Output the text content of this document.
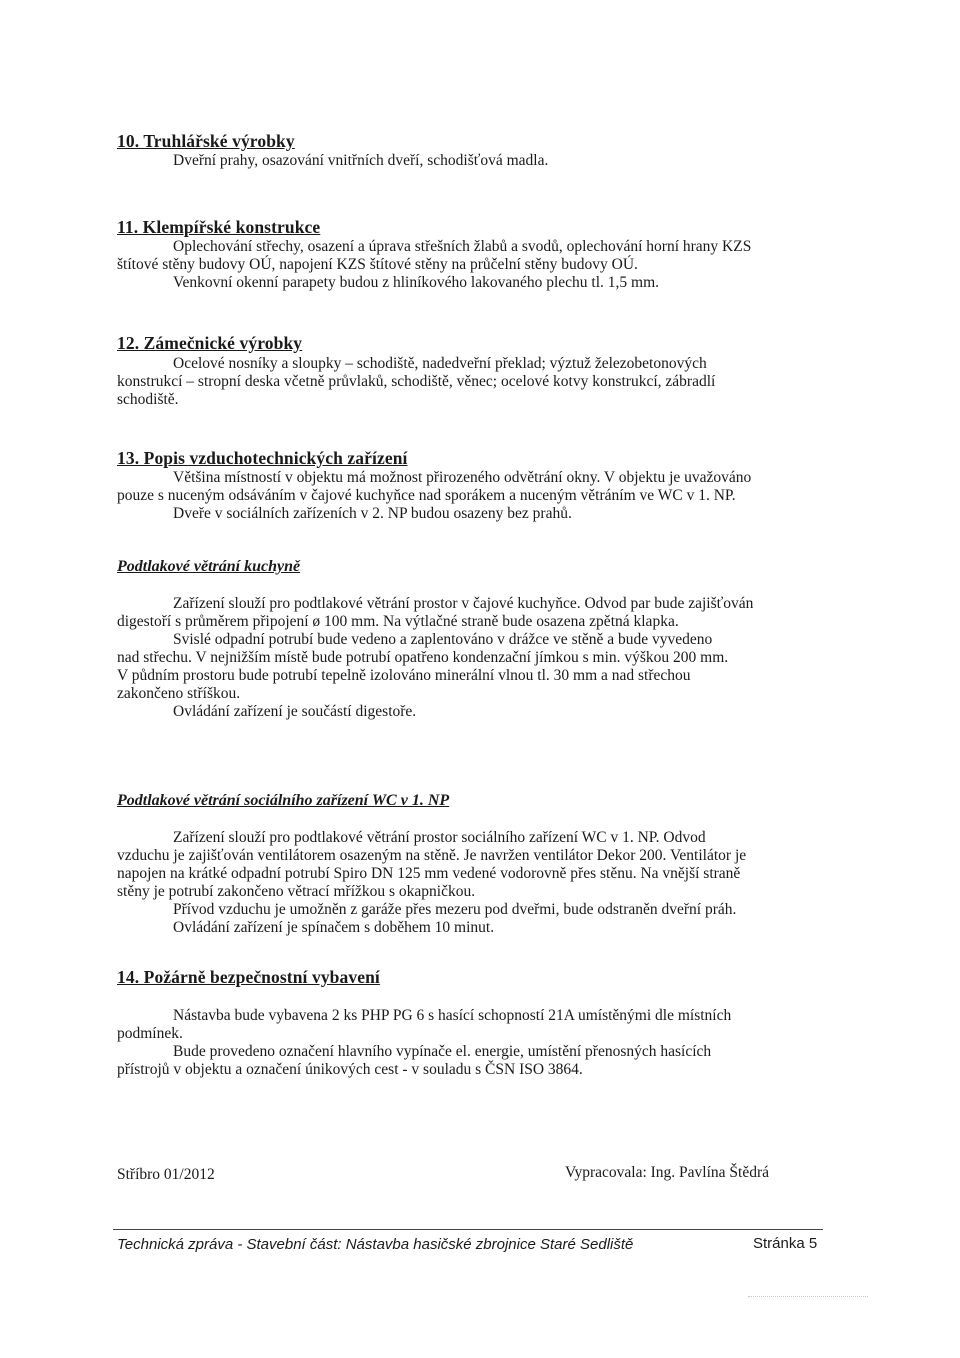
10. Truhlářské výrobky

Dveřní prahy, osazování vnitřních dveří, schodišťová madla.

11. Klempířské konstrukce

Oplechování střechy, osazení a úprava střešních žlabů a svodů, oplechování horní hrany KZS

štítové stěny budovy OÚ, napojení KZS štítové stěny na průčelní stěny budovy OÚ.

Venkovní okenní parapety budou z hliníkového lakovaného plechu tl. 1,5 mm.

12. Zámečnické výrobky

Ocelové nosníky a sloupky – schodiště, nadedveřní překlad; výztuž železobetonových

konstrukcí – stropní deska včetně průvlaků, schodiště, věnec; ocelové kotvy konstrukcí, zábradlí

schodiště.

13. Popis vzduchotechnických zařízení

Většina místností v objektu má možnost přirozeného odvětrání okny. V objektu je uvažováno

pouze s nuceným odsáváním v čajové kuchyňce nad sporákem a nuceným větráním ve WC v 1. NP.

Dveře v sociálních zařízeních v 2. NP budou osazeny bez prahů.

Podtlakové větrání kuchyně

Zařízení slouží pro podtlakové větrání prostor v čajové kuchyňce. Odvod par bude zajišťován

digestoří s průměrem připojení ø 100 mm. Na výtlačné straně bude osazena zpětná klapka.

Svislé odpadní potrubí bude vedeno a zaplentováno v drážce ve stěně a bude vyvedeno

nad střechu. V nejnižším místě bude potrubí opatřeno kondenzační jímkou s min. výškou 200 mm.

V půdním prostoru bude potrubí tepelně izolováno minerální vlnou tl. 30 mm a nad střechou

zakončeno stříškou.

Ovládání zařízení je součástí digestoře.

Podtlakové větrání sociálního zařízení WC v 1. NP

Zařízení slouží pro podtlakové větrání prostor sociálního zařízení WC v 1. NP. Odvod

vzduchu je zajišťován ventilátorem osazeným na stěně. Je navržen ventilátor Dekor 200. Ventilátor je

napojen na krátké odpadní potrubí Spiro DN 125 mm vedené vodorovně přes stěnu. Na vnější straně

stěny je potrubí zakončeno větrací mřížkou s okapničkou.

Přívod vzduchu je umožněn z garáže přes mezeru pod dveřmi, bude odstraněn dveřní práh.

Ovládání zařízení je spínačem s doběhem 10 minut.

14. Požárně bezpečnostní vybavení

Nástavba bude vybavena 2 ks PHP PG 6 s hasící schopností 21A umístěnými dle místních

podmínek.

Bude provedeno označení hlavního vypínače el. energie, umístění přenosných hasících

přístrojů v objektu a označení únikových cest - v souladu s ČSN ISO 3864.

Stříbro 01/2012	Vypracovala: Ing. Pavlína Štědrá
Technická zpráva - Stavební část: Nástavba hasičské zbrojnice Staré Sedliště	Stránka 5
